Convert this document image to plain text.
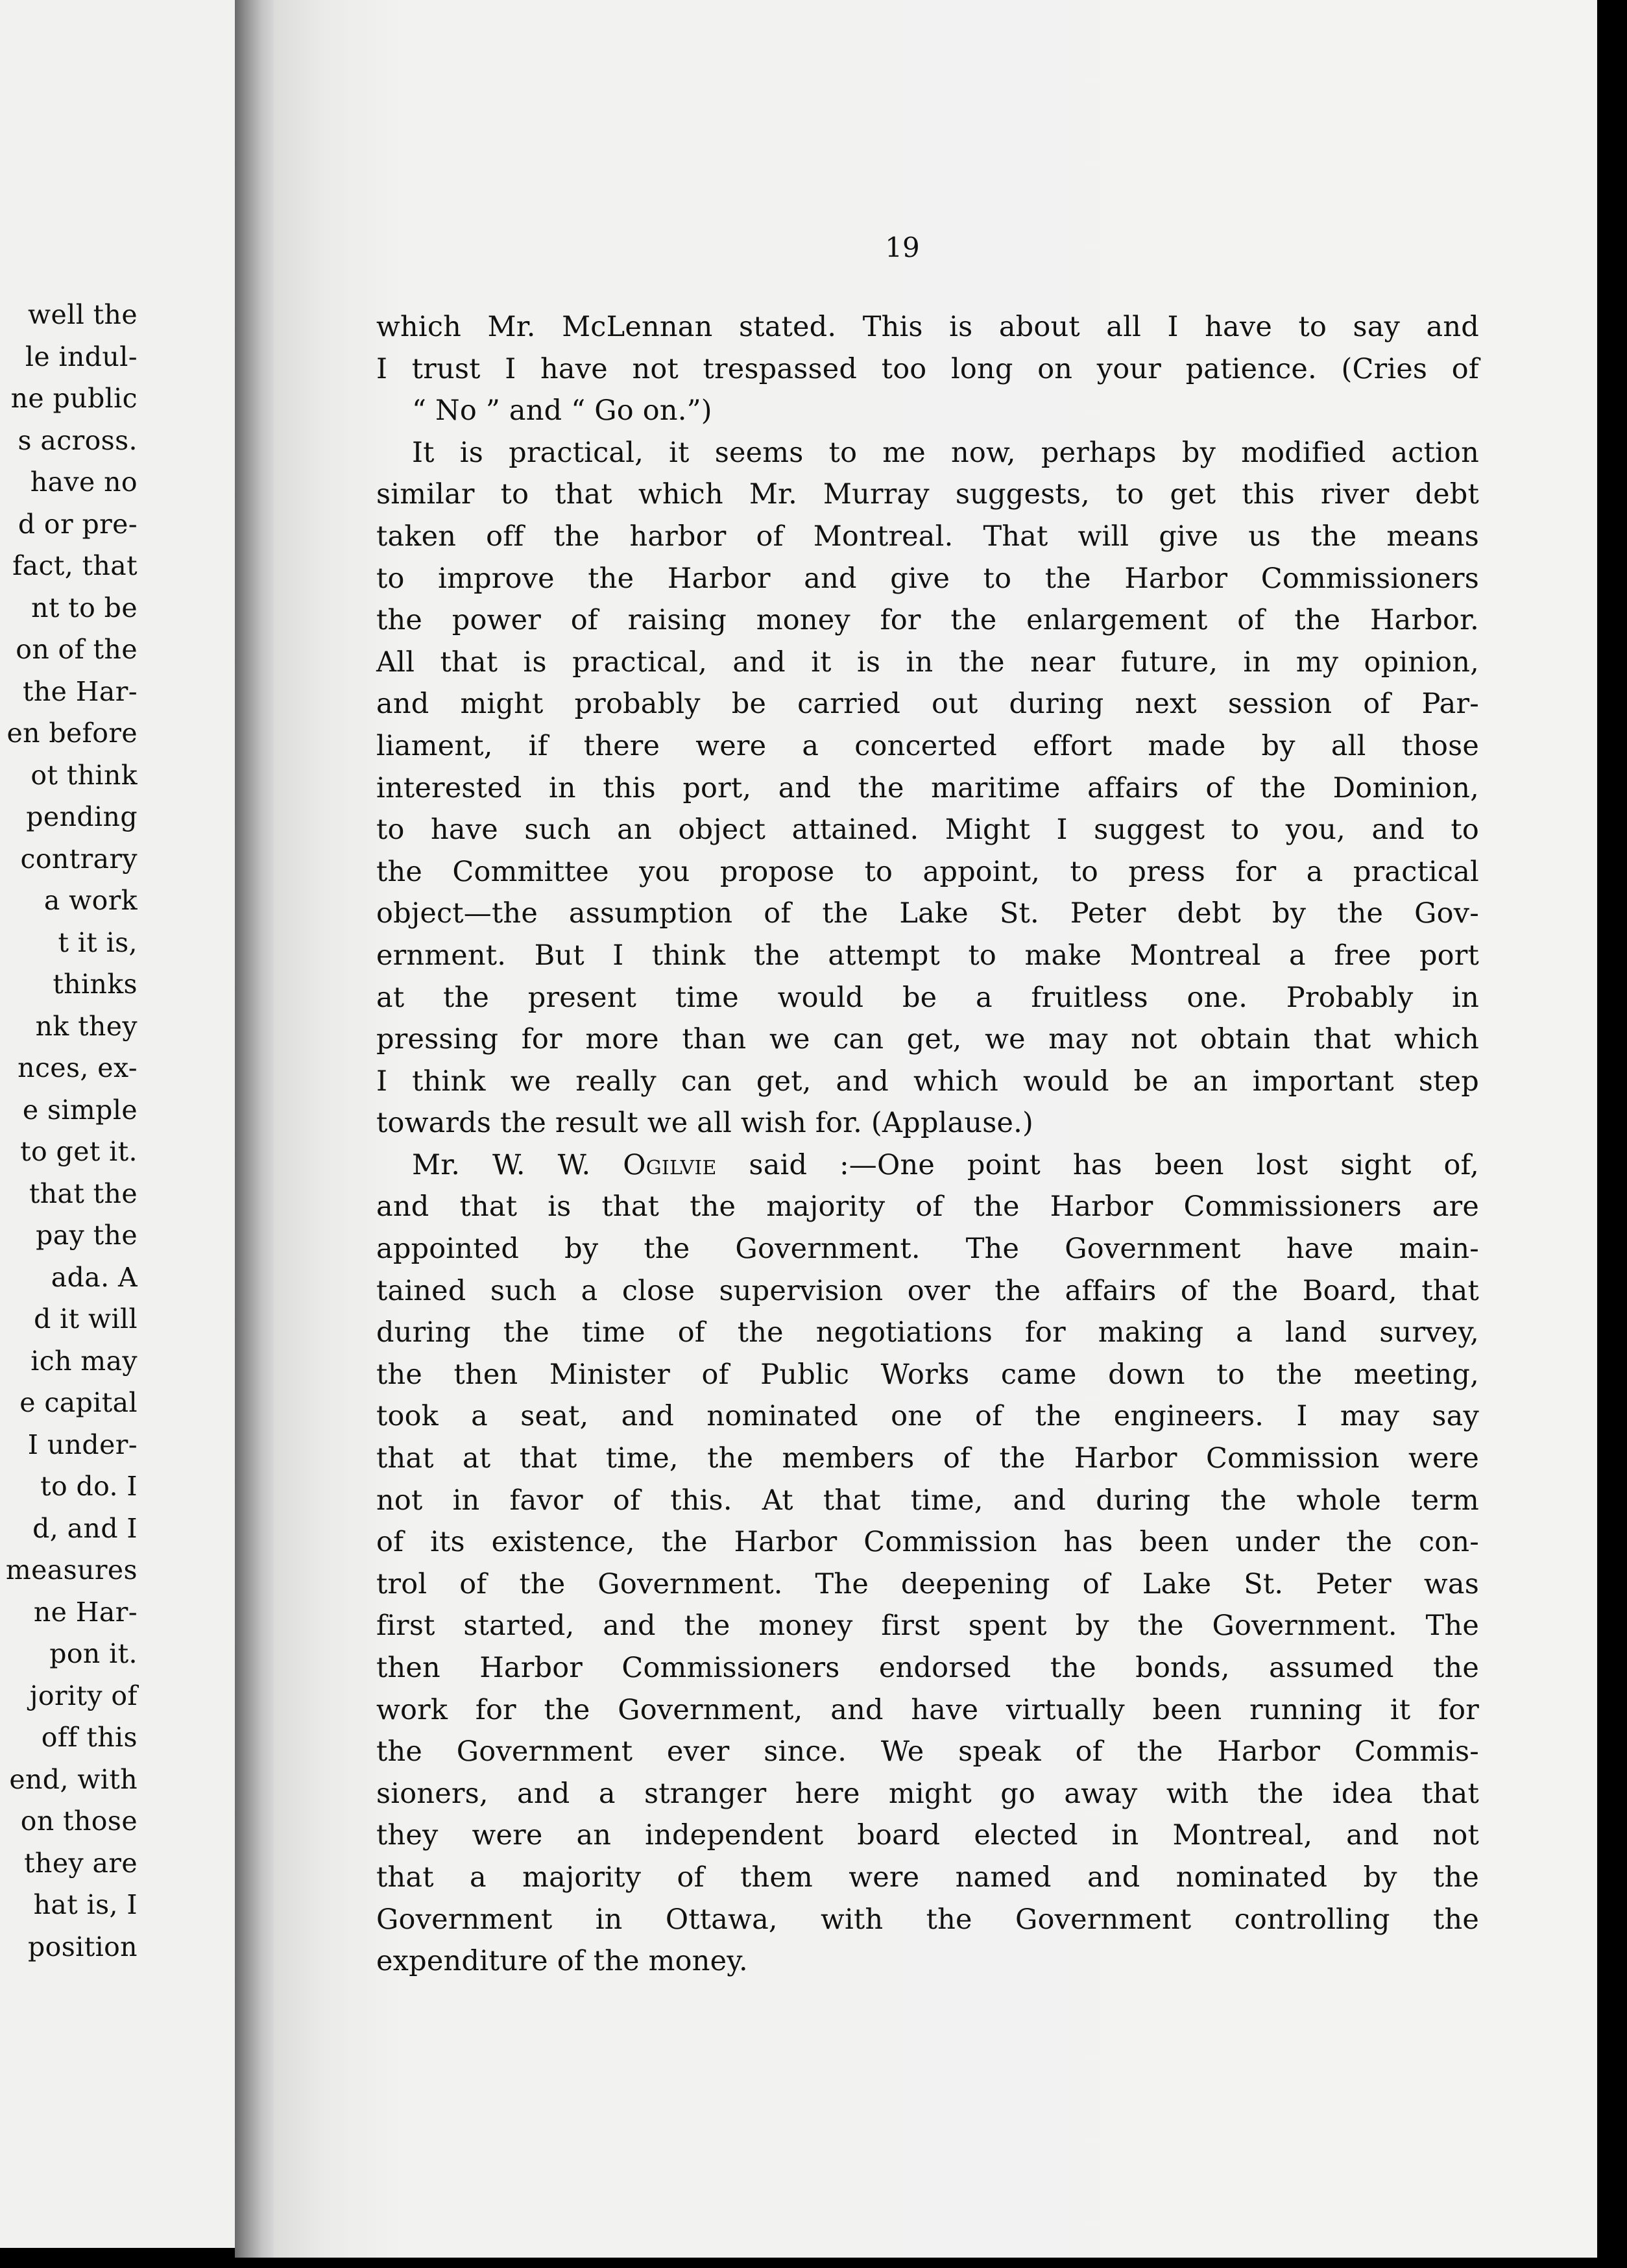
well the
le indul-
ne public
s across.
have no
d or pre-
fact, that
nt to be
on of the
the Har-
en before
ot think
pending
contrary
a work
t it is,
thinks
nk they
nces, ex-
e simple
to get it.
that the
pay the
ada. A
d it will
ich may
e capital
I under-
to do. I
d, and I
measures
ne Har-
pon it.
jority of
off this
end, with
on those
they are
hat is, I
position
19
which Mr. McLennan stated. This is about all I have to say and
I trust I have not trespassed too long on your patience. (Cries of
“ No ” and “ Go on.”)
It is practical, it seems to me now, perhaps by modified action
similar to that which Mr. Murray suggests, to get this river debt
taken off the harbor of Montreal. That will give us the means
to improve the Harbor and give to the Harbor Commissioners
the power of raising money for the enlargement of the Harbor.
All that is practical, and it is in the near future, in my opinion,
and might probably be carried out during next session of Par-
liament, if there were a concerted effort made by all those
interested in this port, and the maritime affairs of the Dominion,
to have such an object attained. Might I suggest to you, and to
the Committee you propose to appoint, to press for a practical
object—the assumption of the Lake St. Peter debt by the Gov-
ernment. But I think the attempt to make Montreal a free port
at the present time would be a fruitless one. Probably in
pressing for more than we can get, we may not obtain that which
I think we really can get, and which would be an important step
towards the result we all wish for. (Applause.)
Mr. W. W. Ogilvie said :—One point has been lost sight of,
and that is that the majority of the Harbor Commissioners are
appointed by the Government. The Government have main-
tained such a close supervision over the affairs of the Board, that
during the time of the negotiations for making a land survey,
the then Minister of Public Works came down to the meeting,
took a seat, and nominated one of the engineers. I may say
that at that time, the members of the Harbor Commission were
not in favor of this. At that time, and during the whole term
of its existence, the Harbor Commission has been under the con-
trol of the Government. The deepening of Lake St. Peter was
first started, and the money first spent by the Government. The
then Harbor Commissioners endorsed the bonds, assumed the
work for the Government, and have virtually been running it for
the Government ever since. We speak of the Harbor Commis-
sioners, and a stranger here might go away with the idea that
they were an independent board elected in Montreal, and not
that a majority of them were named and nominated by the
Government in Ottawa, with the Government controlling the
expenditure of the money.
